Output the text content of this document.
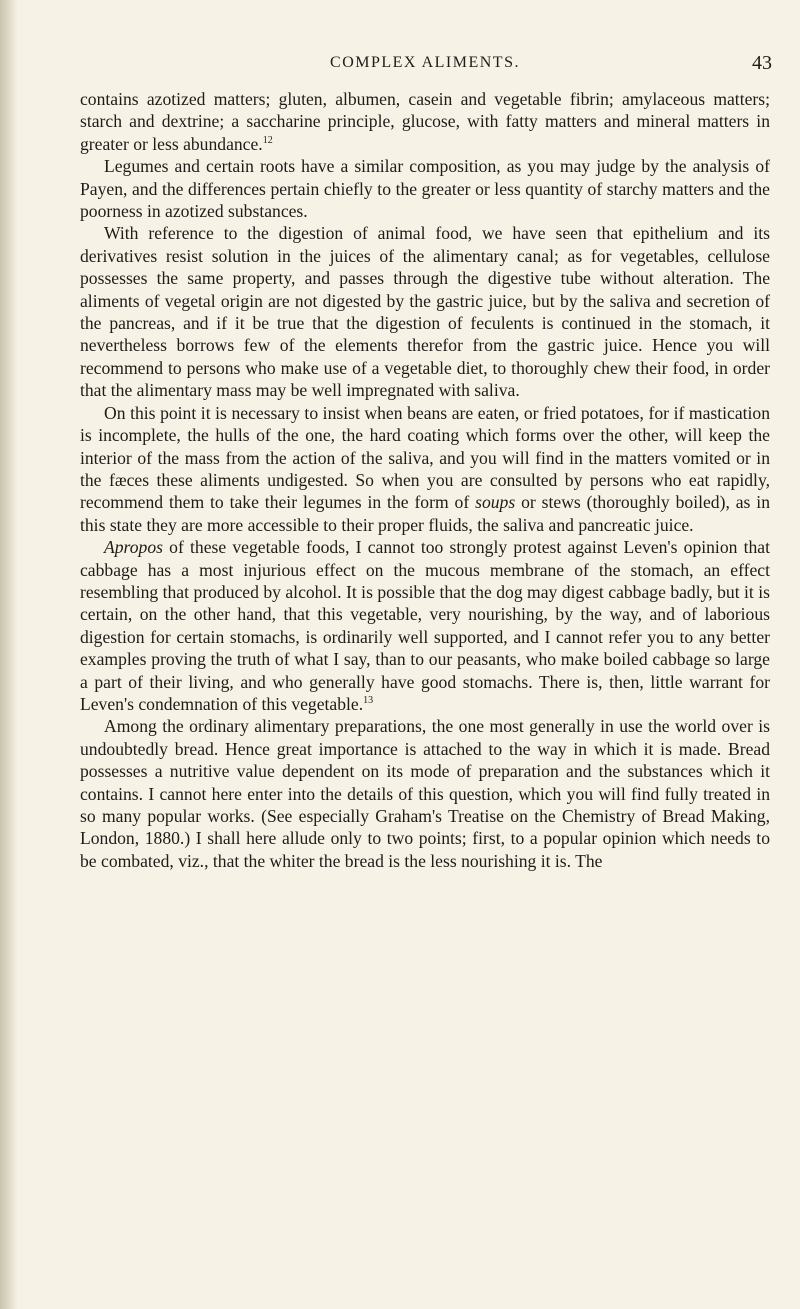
COMPLEX ALIMENTS.	43

contains azotized matters; gluten, albumen, casein and vegetable fibrin; amylaceous matters; starch and dextrine; a saccharine principle, glucose, with fatty matters and mineral matters in greater or less abundance.$^{12}$

Legumes and certain roots have a similar composition, as you may judge by the analysis of Payen, and the differences pertain chiefly to the greater or less quantity of starchy matters and the poorness in azotized substances.

With reference to the digestion of animal food, we have seen that epithelium and its derivatives resist solution in the juices of the alimentary canal; as for vegetables, cellulose possesses the same property, and passes through the digestive tube without alteration. The aliments of vegetal origin are not digested by the gastric juice, but by the saliva and secretion of the pancreas, and if it be true that the digestion of feculents is continued in the stomach, it nevertheless borrows few of the elements therefor from the gastric juice. Hence you will recommend to persons who make use of a vegetable diet, to thoroughly chew their food, in order that the alimentary mass may be well impregnated with saliva.

On this point it is necessary to insist when beans are eaten, or fried potatoes, for if mastication is incomplete, the hulls of the one, the hard coating which forms over the other, will keep the interior of the mass from the action of the saliva, and you will find in the matters vomited or in the fæces these aliments undigested. So when you are consulted by persons who eat rapidly, recommend them to take their legumes in the form of soups or stews (thoroughly boiled), as in this state they are more accessible to their proper fluids, the saliva and pancreatic juice.

Apropos of these vegetable foods, I cannot too strongly protest against Leven's opinion that cabbage has a most injurious effect on the mucous membrane of the stomach, an effect resembling that produced by alcohol. It is possible that the dog may digest cabbage badly, but it is certain, on the other hand, that this vegetable, very nourishing, by the way, and of laborious digestion for certain stomachs, is ordinarily well supported, and I cannot refer you to any better examples proving the truth of what I say, than to our peasants, who make boiled cabbage so large a part of their living, and who generally have good stomachs. There is, then, little warrant for Leven's condemnation of this vegetable.$^{13}$

Among the ordinary alimentary preparations, the one most generally in use the world over is undoubtedly bread. Hence great importance is attached to the way in which it is made. Bread possesses a nutritive value dependent on its mode of preparation and the substances which it contains. I cannot here enter into the details of this question, which you will find fully treated in so many popular works. (See especially Graham's Treatise on the Chemistry of Bread Making, London, 1880.) I shall here allude only to two points; first, to a popular opinion which needs to be combated, viz., that the whiter the bread is the less nourishing it is. The
